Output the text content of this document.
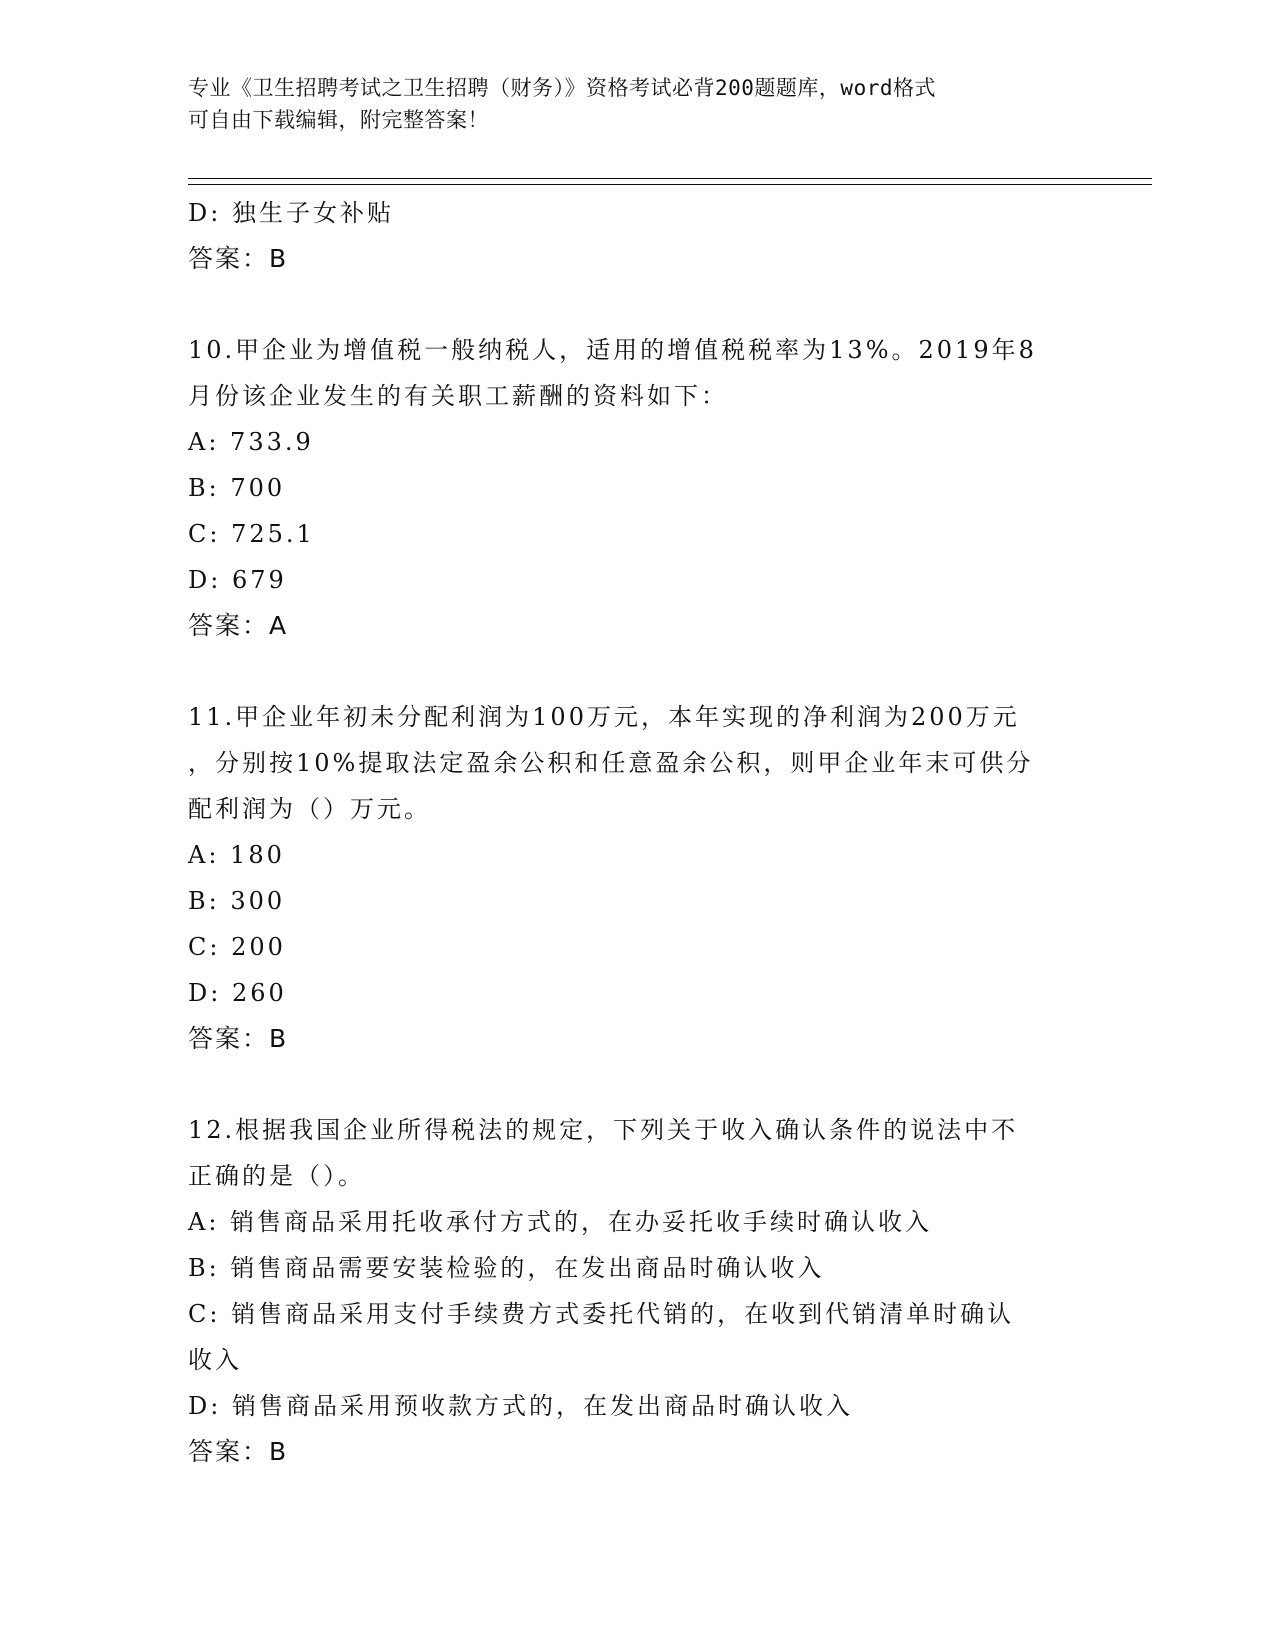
专业《卫生招聘考试之卫生招聘（财务）》资格考试必背200题题库，word格式
可自由下载编辑，附完整答案！
D: 独生子女补贴
答案：B
10.甲企业为增值税一般纳税人，适用的增值税税率为13%。2019年8
月份该企业发生的有关职工薪酬的资料如下：
A: 733.9
B: 700
C: 725.1
D: 679
答案：A
11.甲企业年初未分配利润为100万元，本年实现的净利润为200万元
，分别按10%提取法定盈余公积和任意盈余公积，则甲企业年末可供分
配利润为（）万元。
A: 180
B: 300
C: 200
D: 260
答案：B
12.根据我国企业所得税法的规定，下列关于收入确认条件的说法中不
正确的是（）。
A: 销售商品采用托收承付方式的，在办妥托收手续时确认收入
B: 销售商品需要安装检验的，在发出商品时确认收入
C: 销售商品采用支付手续费方式委托代销的，在收到代销清单时确认
收入
D: 销售商品采用预收款方式的，在发出商品时确认收入
答案：B
